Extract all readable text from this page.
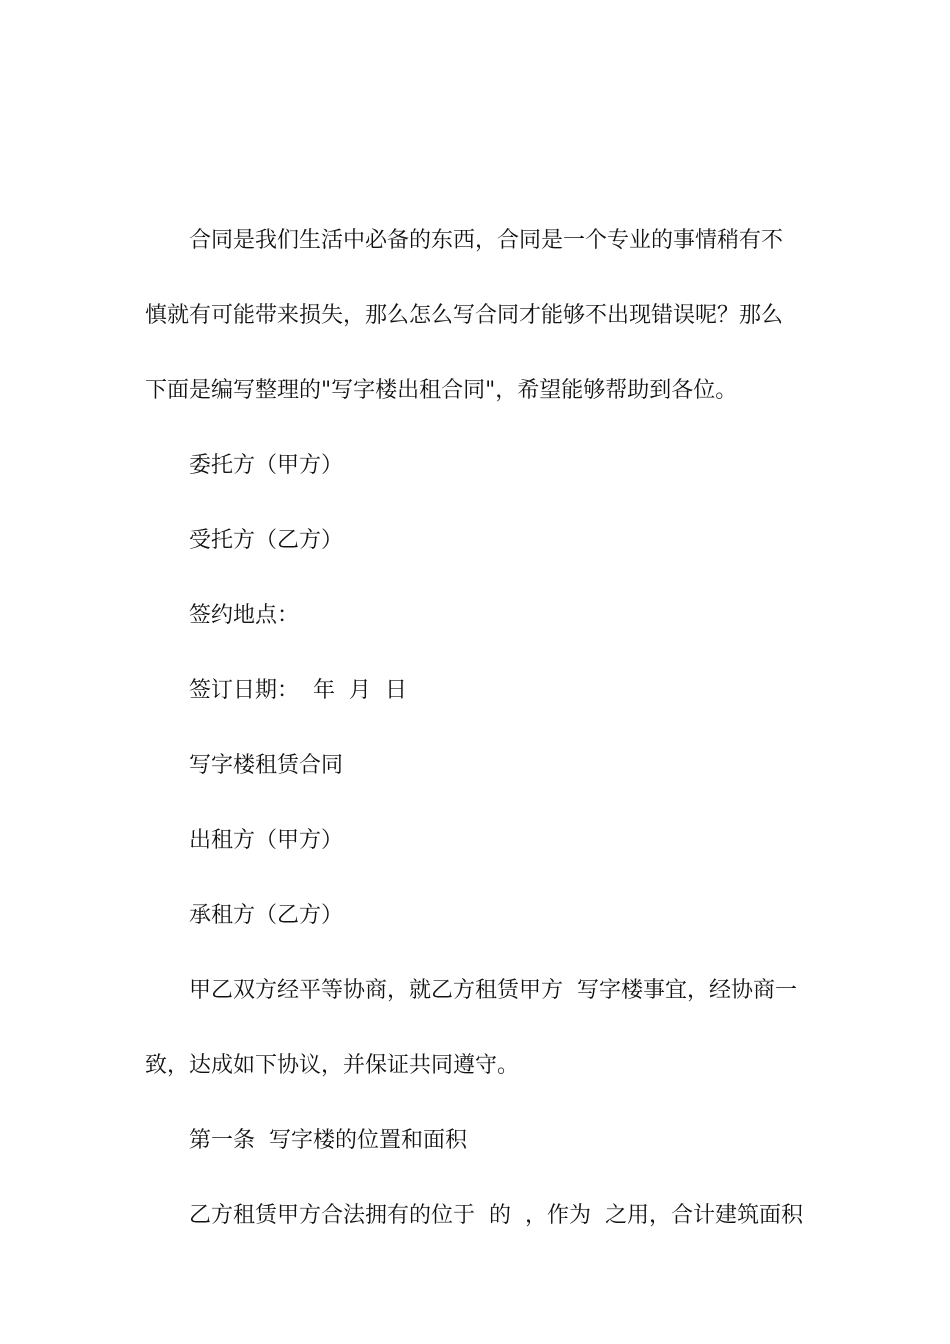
合同是我们生活中必备的东西，合同是一个专业的事情稍有不

慎就有可能带来损失，那么怎么写合同才能够不出现错误呢？那么

下面是编写整理的"写字楼出租合同"，希望能够帮助到各位。

委托方（甲方）

受托方（乙方）

签约地点：

签订日期：  年  月  日

写字楼租赁合同

出租方（甲方）

承租方（乙方）

甲乙双方经平等协商，就乙方租赁甲方  写字楼事宜，经协商一

致，达成如下协议，并保证共同遵守。

第一条  写字楼的位置和面积

乙方租赁甲方合法拥有的位于  的  ，作为  之用，合计建筑面积
